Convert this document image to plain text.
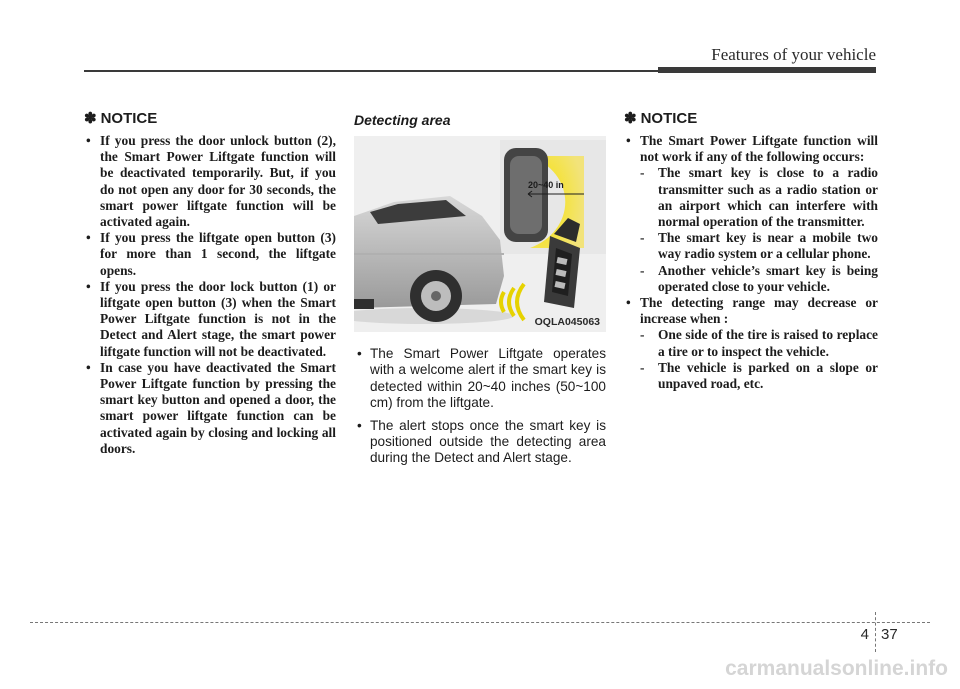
Features of your vehicle
✽ NOTICE
• If you press the door unlock button (2), the Smart Power Liftgate function will be deactivated temporarily. But, if you do not open any door for 30 seconds, the smart power liftgate function will be activated again.
• If you press the liftgate open button (3) for more than 1 second, the liftgate opens.
• If you press the door lock button (1) or liftgate open button (3) when the Smart Power Liftgate function is not in the Detect and Alert stage, the smart power liftgate function will not be deactivated.
• In case you have deactivated the Smart Power Liftgate function by pressing the smart key button and opened a door, the smart power liftgate function can be activated again by closing and locking all doors.
Detecting area
20~40 in
OQLA045063
• The Smart Power Liftgate operates with a welcome alert if the smart key is detected within 20~40 inches (50~100 cm) from the liftgate.
• The alert stops once the smart key is positioned outside the detecting area during the Detect and Alert stage.
✽ NOTICE
• The Smart Power Liftgate function will not work if any of the following occurs:
- The smart key is close to a radio transmitter such as a radio station or an airport which can interfere with normal operation of the transmitter.
- The smart key is near a mobile two way radio system or a cellular phone.
- Another vehicle’s smart key is being operated close to your vehicle.
• The detecting range may decrease or increase when :
- One side of the tire is raised to replace a tire or to inspect the vehicle.
- The vehicle is parked on a slope or unpaved road, etc.
4 37
carmanualsonline.info
